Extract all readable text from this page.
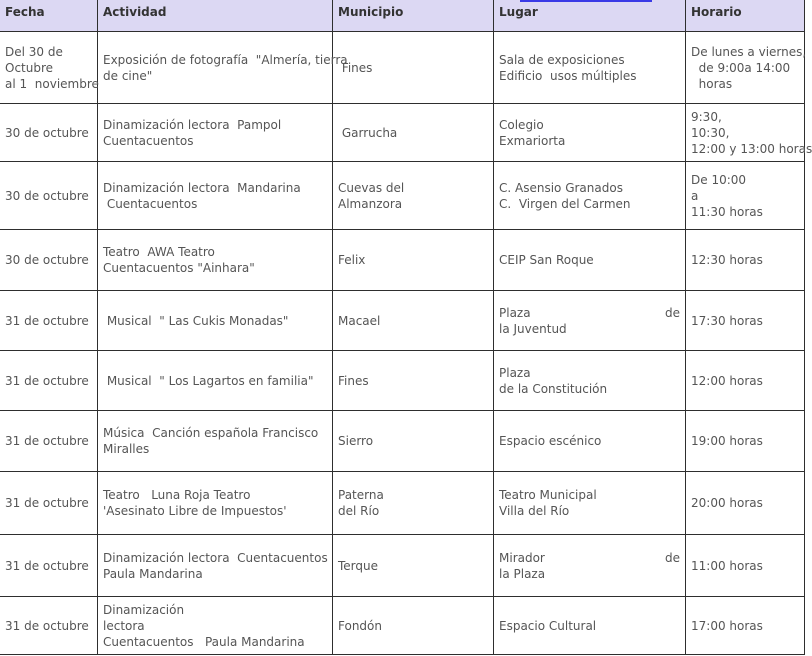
Fecha	Actividad	Municipio	Lugar	Horario

Del 30 de
Octubre
al 1  noviembre	Exposición de fotografía  "Almería, tierra
de cine"	Fines	Sala de exposiciones
Edificio  usos múltiples	De lunes a viernes,
de 9:00a 14:00
horas

30 de octubre	Dinamización lectora  Pampol
Cuentacuentos	Garrucha	Colegio
Exmariorta	9:30,
10:30,
12:00 y 13:00 horas

30 de octubre	Dinamización lectora  Mandarina
Cuentacuentos	Cuevas del
Almanzora	C. Asensio Granados
C.  Virgen del Carmen	De 10:00
a
11:30 horas

30 de octubre	Teatro  AWA Teatro
Cuentacuentos "Ainhara"	Felix	CEIP San Roque	12:30 horas

31 de octubre	Musical  " Las Cukis Monadas"	Macael	Plaza de
la Juventud	17:30 horas

31 de octubre	Musical  " Los Lagartos en familia"	Fines	Plaza
de la Constitución	12:00 horas

31 de octubre	Música  Canción española Francisco
Miralles	Sierro	Espacio escénico	19:00 horas

31 de octubre	Teatro   Luna Roja Teatro
'Asesinato Libre de Impuestos'	Paterna
del Río	Teatro Municipal
Villa del Río	20:00 horas

31 de octubre	Dinamización lectora  Cuentacuentos
Paula Mandarina	Terque	Mirador de
la Plaza	11:00 horas

31 de octubre	Dinamización
lectora
Cuentacuentos   Paula Mandarina	Fondón	Espacio Cultural	17:00 horas
